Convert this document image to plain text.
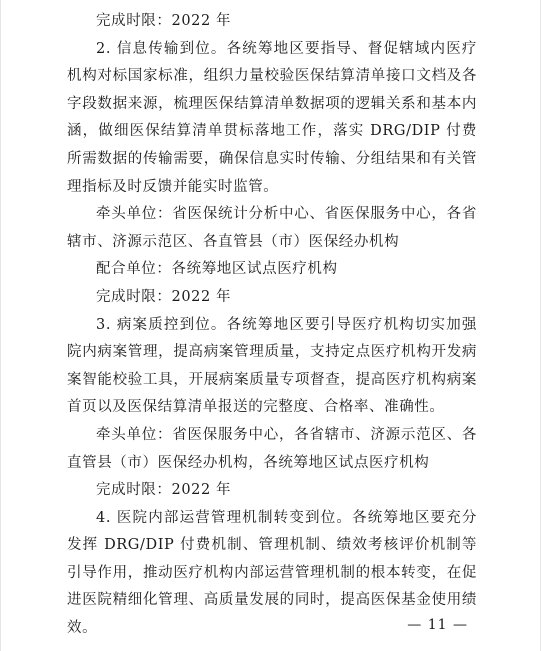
完成时限：2022 年

2. 信息传输到位。各统筹地区要指导、督促辖域内医疗机构对标国家标准，组织力量校验医保结算清单接口文档及各字段数据来源，梳理医保结算清单数据项的逻辑关系和基本内涵，做细医保结算清单贯标落地工作，落实 DRG/DIP 付费所需数据的传输需要，确保信息实时传输、分组结果和有关管理指标及时反馈并能实时监管。

牵头单位：省医保统计分析中心、省医保服务中心，各省辖市、济源示范区、各直管县（市）医保经办机构

配合单位：各统筹地区试点医疗机构

完成时限：2022 年

3. 病案质控到位。各统筹地区要引导医疗机构切实加强院内病案管理，提高病案管理质量，支持定点医疗机构开发病案智能校验工具，开展病案质量专项督查，提高医疗机构病案首页以及医保结算清单报送的完整度、合格率、准确性。

牵头单位：省医保服务中心，各省辖市、济源示范区、各直管县（市）医保经办机构，各统筹地区试点医疗机构

完成时限：2022 年

4. 医院内部运营管理机制转变到位。各统筹地区要充分发挥 DRG/DIP 付费机制、管理机制、绩效考核评价机制等引导作用，推动医疗机构内部运营管理机制的根本转变，在促进医院精细化管理、高质量发展的同时，提高医保基金使用绩效。	— 11 —
